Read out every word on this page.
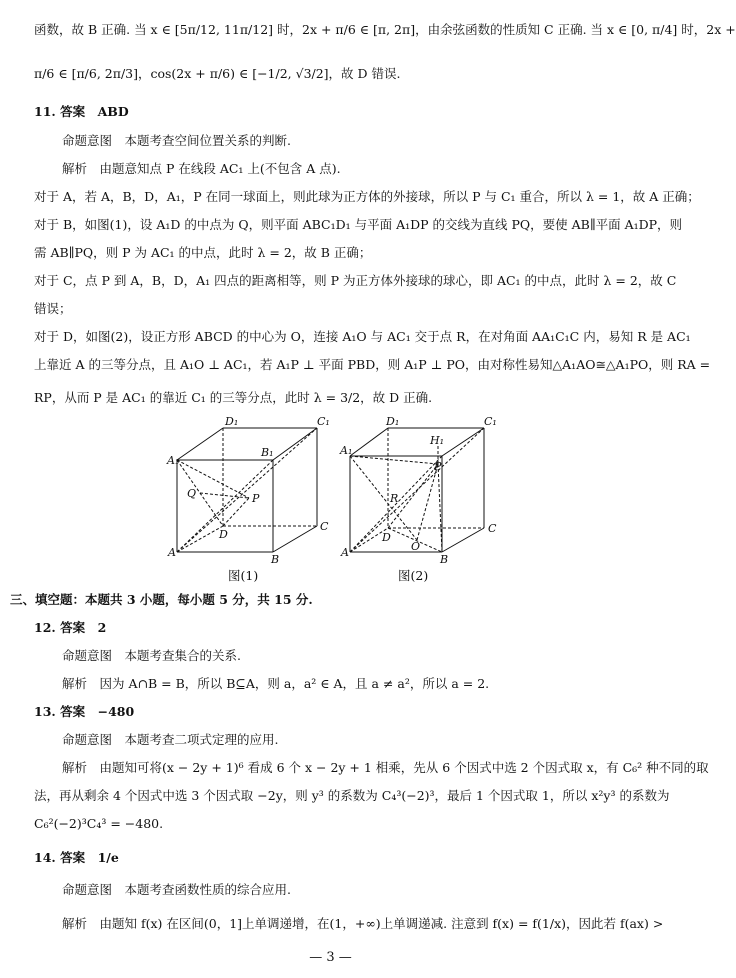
函数，故 B 正确. 当 x ∈ [5π/12, 11π/12] 时，2x + π/6 ∈ [π, 2π]，由余弦函数的性质知 C 正确. 当 x ∈ [0, π/4] 时，2x +
π/6 ∈ [π/6, 2π/3]，cos(2x + π/6) ∈ [−1/2, √3/2]，故 D 错误.
11. 答案　ABD
命题意图　本题考查空间位置关系的判断.
解析　由题意知点 P 在线段 AC₁ 上(不包含 A 点).
对于 A，若 A，B，D，A₁，P 在同一球面上，则此球为正方体的外接球，所以 P 与 C₁ 重合，所以 λ = 1，故 A 正确；
对于 B，如图(1)，设 A₁D 的中点为 Q，则平面 ABC₁D₁ 与平面 A₁DP 的交线为直线 PQ，要使 AB∥平面 A₁DP，则
需 AB∥PQ，则 P 为 AC₁ 的中点，此时 λ = 2，故 B 正确；
对于 C，点 P 到 A，B，D，A₁ 四点的距离相等，则 P 为正方体外接球的球心，即 AC₁ 的中点，此时 λ = 2，故 C
错误；
对于 D，如图(2)，设正方形 ABCD 的中心为 O，连接 A₁O 与 AC₁ 交于点 R，在对角面 AA₁C₁C 内，易知 R 是 AC₁
上靠近 A 的三等分点，且 A₁O ⊥ AC₁，若 A₁P ⊥ 平面 PBD，则 A₁P ⊥ PO，由对称性易知△A₁AO≅△A₁PO，则 RA =
RP，从而 P 是 AC₁ 的靠近 C₁ 的三等分点，此时 λ = 3/2，故 D 正确.
D₁	C₁
A₁
B₁
Q	P
D
C
A
B
图(1)
D₁	C₁
H₁
A₁
P
R
D
C
O
A
B
图(2)
三、填空题：本题共 3 小题，每小题 5 分，共 15 分.
12. 答案　2
命题意图　本题考查集合的关系.
解析　因为 A∩B = B，所以 B⊆A，则 a，a² ∈ A，且 a ≠ a²，所以 a = 2.
13. 答案　−480
命题意图　本题考查二项式定理的应用.
解析　由题知可将(x − 2y + 1)⁶ 看成 6 个 x − 2y + 1 相乘，先从 6 个因式中选 2 个因式取 x，有 C₆² 种不同的取
法，再从剩余 4 个因式中选 3 个因式取 −2y，则 y³ 的系数为 C₄³(−2)³，最后 1 个因式取 1，所以 x²y³ 的系数为
C₆²(−2)³C₄³ = −480.
14. 答案　1/e
命题意图　本题考查函数性质的综合应用.
解析　由题知 f(x) 在区间(0，1]上单调递增，在(1，+∞)上单调递减. 注意到 f(x) = f(1/x)，因此若 f(ax) >
— 3 —
